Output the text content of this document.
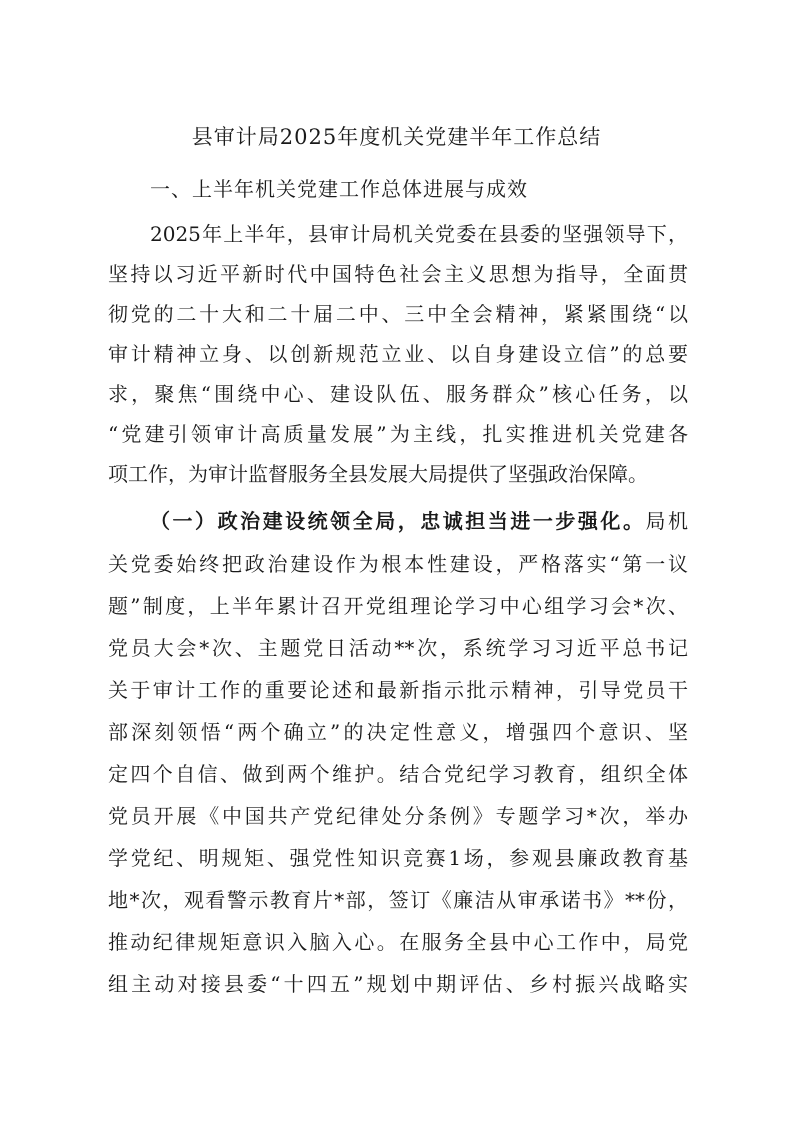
县审计局2025年度机关党建半年工作总结
一、上半年机关党建工作总体进展与成效
2025年上半年，县审计局机关党委在县委的坚强领导下，
坚持以习近平新时代中国特色社会主义思想为指导，全面贯
彻党的二十大和二十届二中、三中全会精神，紧紧围绕“以
审计精神立身、以创新规范立业、以自身建设立信”的总要
求，聚焦“围绕中心、建设队伍、服务群众”核心任务，以
“党建引领审计高质量发展”为主线，扎实推进机关党建各
项工作，为审计监督服务全县发展大局提供了坚强政治保障。
（一）政治建设统领全局，忠诚担当进一步强化。局机
关党委始终把政治建设作为根本性建设，严格落实“第一议
题”制度，上半年累计召开党组理论学习中心组学习会*次、
党员大会*次、主题党日活动**次，系统学习习近平总书记
关于审计工作的重要论述和最新指示批示精神，引导党员干
部深刻领悟“两个确立”的决定性意义，增强四个意识、坚
定四个自信、做到两个维护。结合党纪学习教育，组织全体
党员开展《中国共产党纪律处分条例》专题学习*次，举办
学党纪、明规矩、强党性知识竞赛1场，参观县廉政教育基
地*次，观看警示教育片*部，签订《廉洁从审承诺书》**份，
推动纪律规矩意识入脑入心。在服务全县中心工作中，局党
组主动对接县委“十四五”规划中期评估、乡村振兴战略实
